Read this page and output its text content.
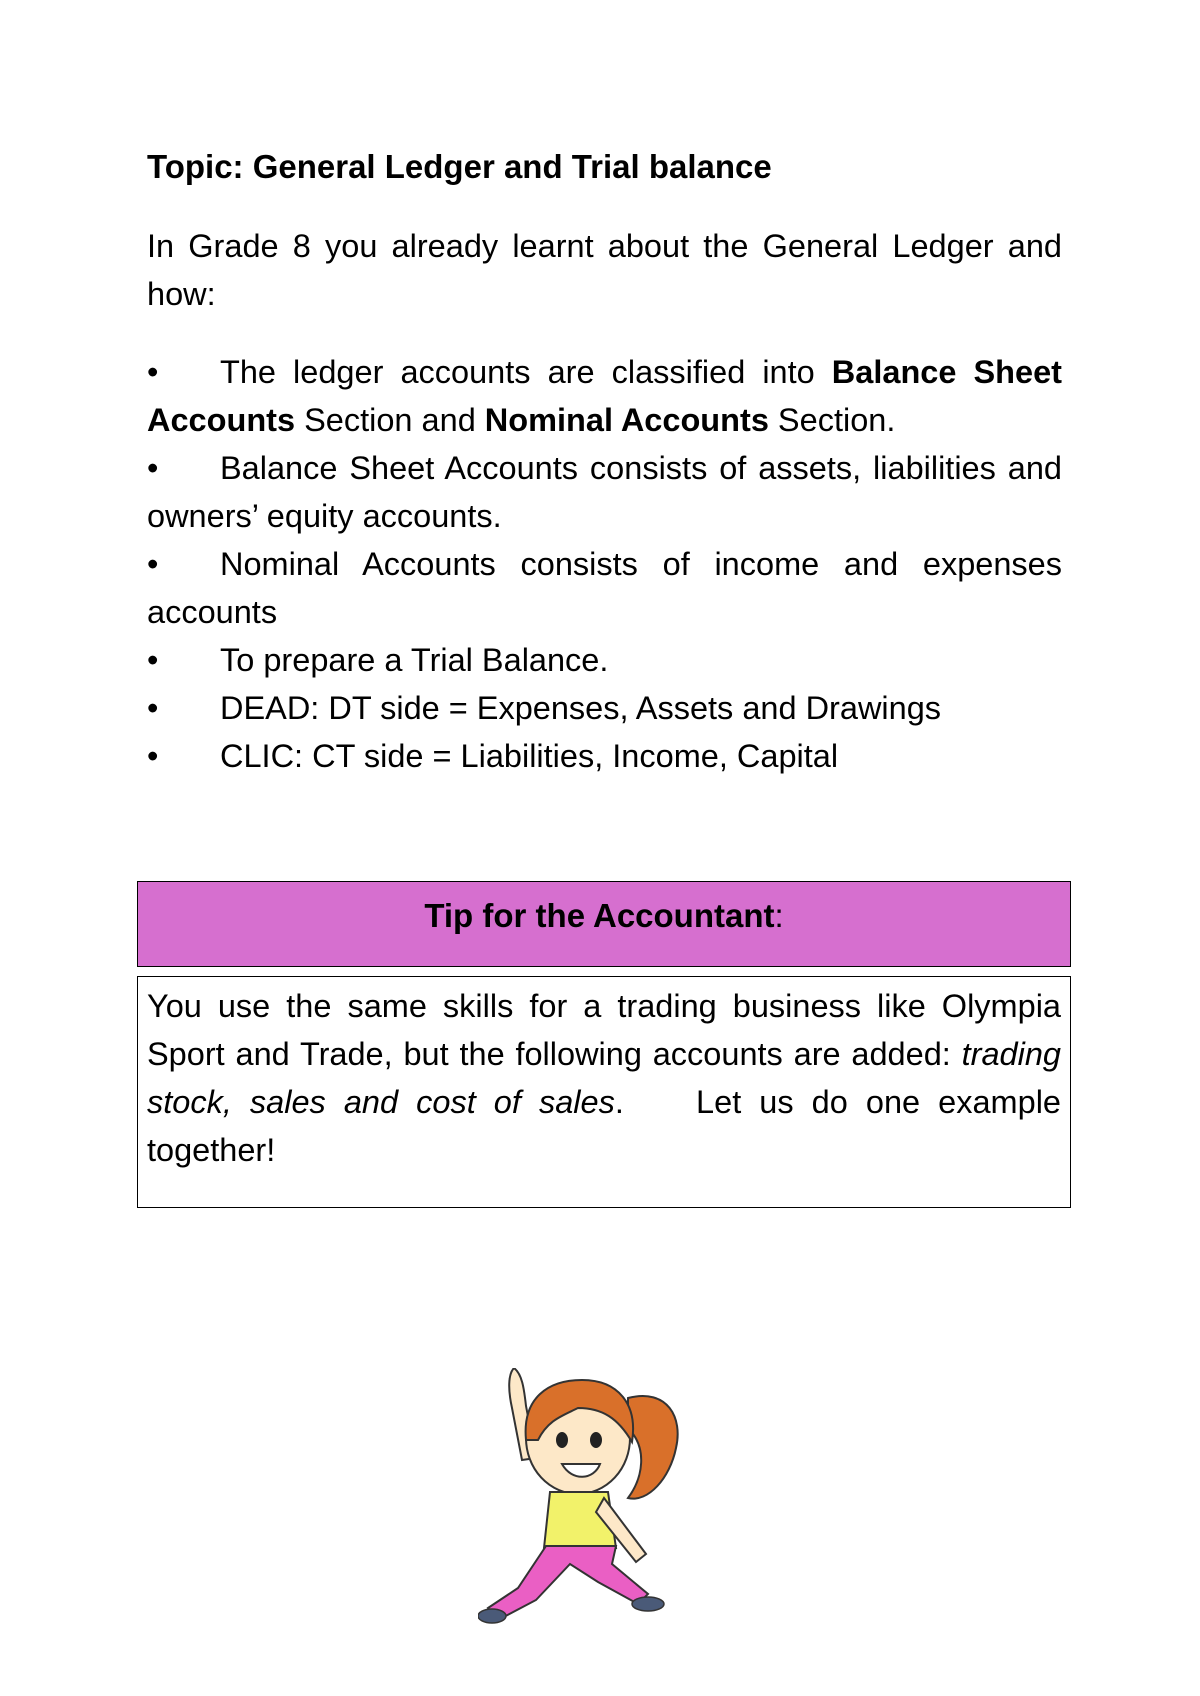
Topic: General Ledger and Trial balance
In Grade 8 you already learnt about the General Ledger and how:
• The ledger accounts are classified into Balance Sheet Accounts Section and Nominal Accounts Section.
• Balance Sheet Accounts consists of assets, liabilities and owners’ equity accounts.
• Nominal Accounts consists of income and expenses accounts
• To prepare a Trial Balance.
• DEAD: DT side = Expenses, Assets and Drawings
• CLIC: CT side = Liabilities, Income, Capital
Tip for the Accountant:

You use the same skills for a trading business like Olympia Sport and Trade, but the following accounts are added: trading stock, sales and cost of sales.    Let us do one example together!
